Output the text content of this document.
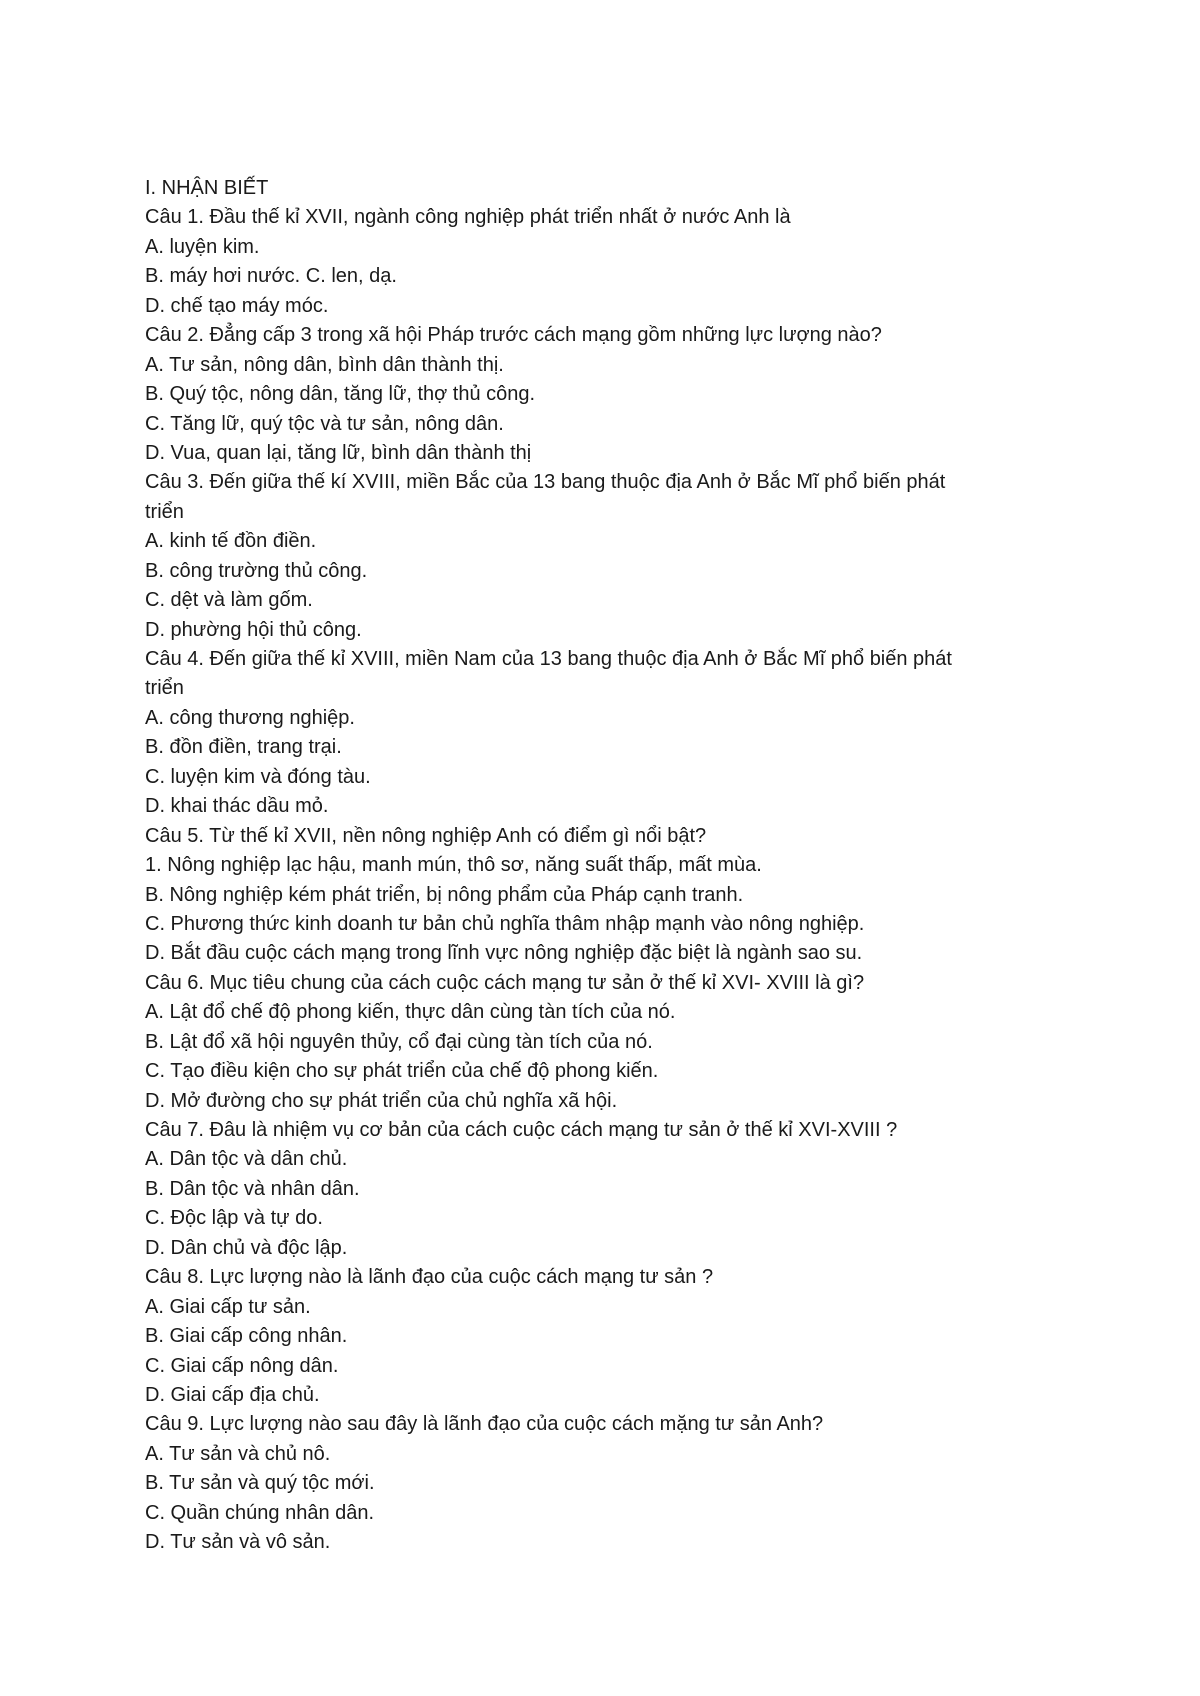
I. NHẬN BIẾT
Câu 1. Đầu thế kỉ XVII, ngành công nghiệp phát triển nhất ở nước Anh là
A. luyện kim.
B. máy hơi nước. C. len, dạ.
D. chế tạo máy móc.
Câu 2. Đẳng cấp 3 trong xã hội Pháp trước cách mạng gồm những lực lượng nào?
A. Tư sản, nông dân, bình dân thành thị.
B. Quý tộc, nông dân, tăng lữ, thợ thủ công.
C. Tăng lữ, quý tộc và tư sản, nông dân.
D. Vua, quan lại, tăng lữ, bình dân thành thị
Câu 3. Đến giữa thế kí XVIII, miền Bắc của 13 bang thuộc địa Anh ở Bắc Mĩ phổ biến phát
triển
A. kinh tế đồn điền.
B. công trường thủ công.
C. dệt và làm gốm.
D. phường hội thủ công.
Câu 4. Đến giữa thế kỉ XVIII, miền Nam của 13 bang thuộc địa Anh ở Bắc Mĩ phổ biến phát
triển
A. công thương nghiệp.
B. đồn điền, trang trại.
C. luyện kim và đóng tàu.
D. khai thác dầu mỏ.
Câu 5. Từ thế kỉ XVII, nền nông nghiệp Anh có điểm gì nổi bật?
1. Nông nghiệp lạc hậu, manh mún, thô sơ, năng suất thấp, mất mùa.
B. Nông nghiệp kém phát triển, bị nông phẩm của Pháp cạnh tranh.
C. Phương thức kinh doanh tư bản chủ nghĩa thâm nhập mạnh vào nông nghiệp.
D. Bắt đầu cuộc cách mạng trong lĩnh vực nông nghiệp đặc biệt là ngành sao su.
Câu 6. Mục tiêu chung của cách cuộc cách mạng tư sản ở thế kỉ XVI- XVIII là gì?
A. Lật đổ chế độ phong kiến, thực dân cùng tàn tích của nó.
B. Lật đổ xã hội nguyên thủy, cổ đại cùng tàn tích của nó.
C. Tạo điều kiện cho sự phát triển của chế độ phong kiến.
D. Mở đường cho sự phát triển của chủ nghĩa xã hội.
Câu 7. Đâu là nhiệm vụ cơ bản của cách cuộc cách mạng tư sản ở thế kỉ XVI-XVIII ?
A. Dân tộc và dân chủ.
B. Dân tộc và nhân dân.
C. Độc lập và tự do.
D. Dân chủ và độc lập.
Câu 8. Lực lượng nào là lãnh đạo của cuộc cách mạng tư sản ?
A. Giai cấp tư sản.
B. Giai cấp công nhân.
C. Giai cấp nông dân.
D. Giai cấp địa chủ.
Câu 9. Lực lượng nào sau đây là lãnh đạo của cuộc cách mặng tư sản Anh?
A. Tư sản và chủ nô.
B. Tư sản và quý tộc mới.
C. Quần chúng nhân dân.
D. Tư sản và vô sản.
